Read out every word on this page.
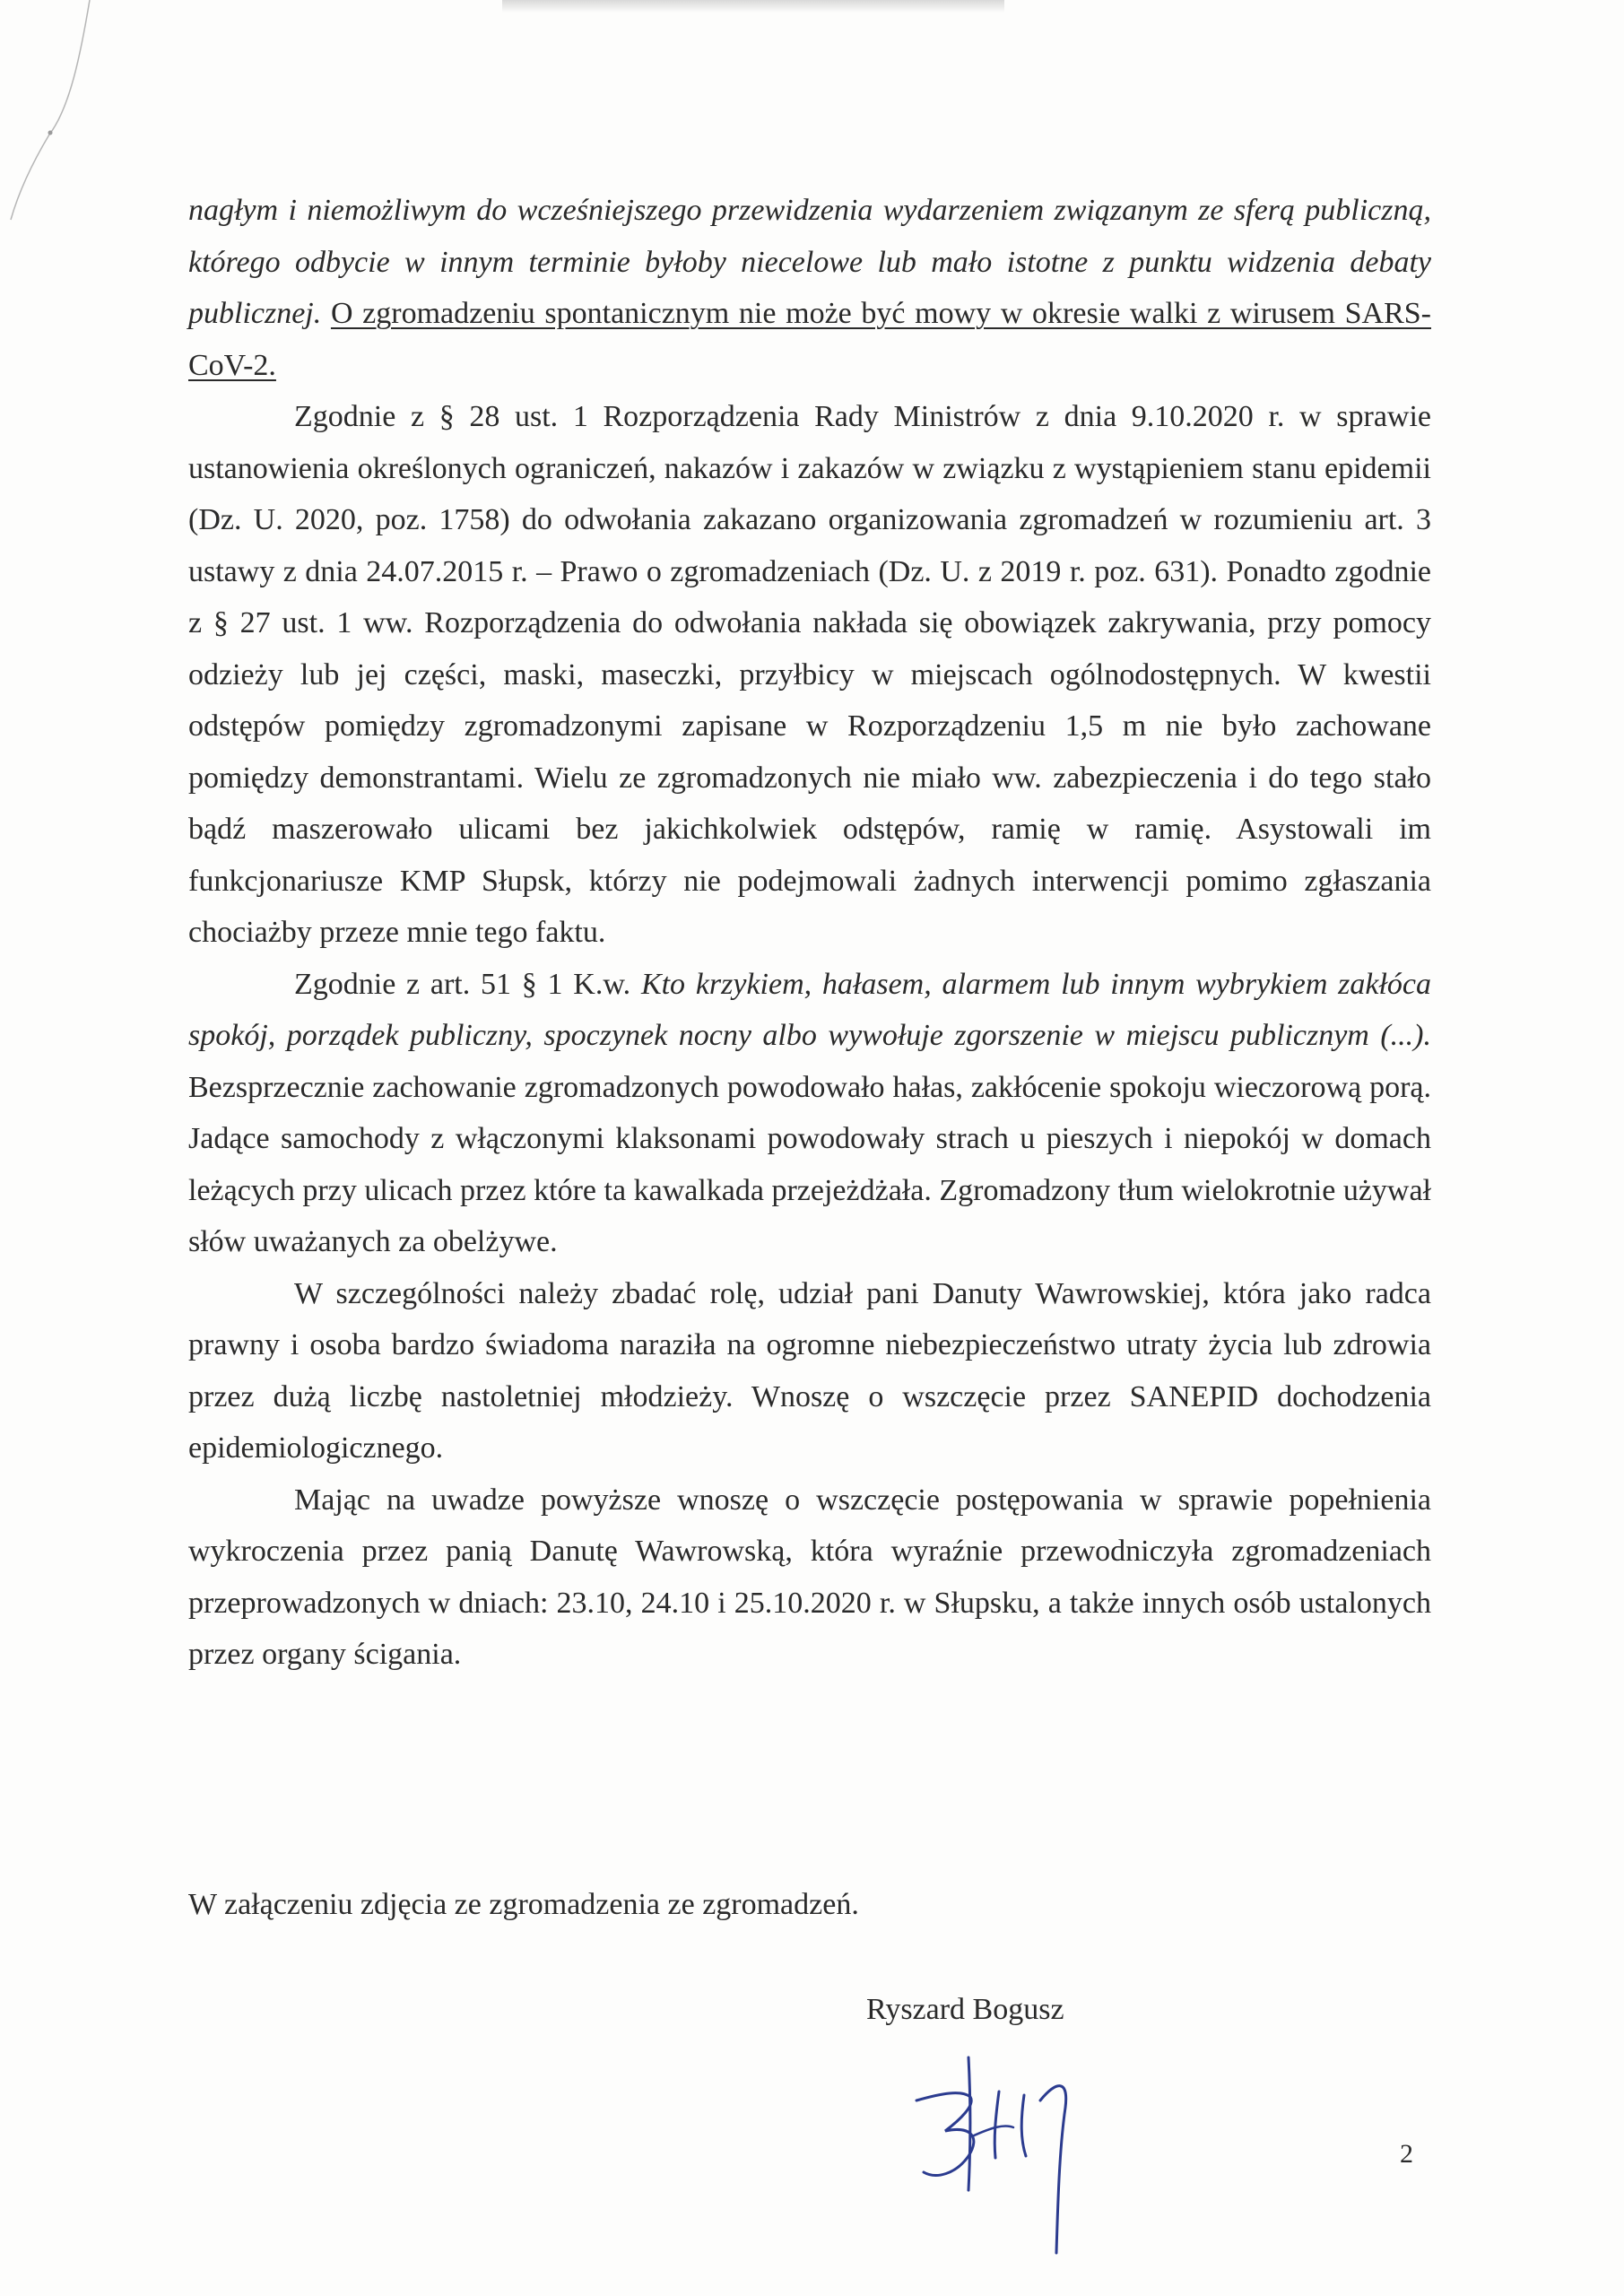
nagłym i niemożliwym do wcześniejszego przewidzenia wydarzeniem związanym ze sferą publiczną, którego odbycie w innym terminie byłoby niecelowe lub mało istotne z punktu widzenia debaty publicznej. O zgromadzeniu spontanicznym nie może być mowy w okresie walki z wirusem SARS-CoV-2.

Zgodnie z § 28 ust. 1 Rozporządzenia Rady Ministrów z dnia 9.10.2020 r. w sprawie ustanowienia określonych ograniczeń, nakazów i zakazów w związku z wystąpieniem stanu epidemii (Dz. U. 2020, poz. 1758) do odwołania zakazano organizowania zgromadzeń w rozumieniu art. 3 ustawy z dnia 24.07.2015 r. – Prawo o zgromadzeniach (Dz. U. z 2019 r. poz. 631). Ponadto zgodnie z § 27 ust. 1 ww. Rozporządzenia do odwołania nakłada się obowiązek zakrywania, przy pomocy odzieży lub jej części, maski, maseczki, przyłbicy w miejscach ogólnodostępnych. W kwestii odstępów pomiędzy zgromadzonymi zapisane w Rozporządzeniu 1,5 m nie było zachowane pomiędzy demonstrantami. Wielu ze zgromadzonych nie miało ww. zabezpieczenia i do tego stało bądź maszerowało ulicami bez jakichkolwiek odstępów, ramię w ramię. Asystowali im funkcjonariusze KMP Słupsk, którzy nie podejmowali żadnych interwencji pomimo zgłaszania chociażby przeze mnie tego faktu.

Zgodnie z art. 51 § 1 K.w. Kto krzykiem, hałasem, alarmem lub innym wybrykiem zakłóca spokój, porządek publiczny, spoczynek nocny albo wywołuje zgorszenie w miejscu publicznym (...). Bezsprzecznie zachowanie zgromadzonych powodowało hałas, zakłócenie spokoju wieczorową porą. Jadące samochody z włączonymi klaksonami powodowały strach u pieszych i niepokój w domach leżących przy ulicach przez które ta kawalkada przejeżdżała. Zgromadzony tłum wielokrotnie używał słów uważanych za obelżywe.

W szczególności należy zbadać rolę, udział pani Danuty Wawrowskiej, która jako radca prawny i osoba bardzo świadoma naraziła na ogromne niebezpieczeństwo utraty życia lub zdrowia przez dużą liczbę nastoletniej młodzieży. Wnoszę o wszczęcie przez SANEPID dochodzenia epidemiologicznego.

Mając na uwadze powyższe wnoszę o wszczęcie postępowania w sprawie popełnienia wykroczenia przez panią Danutę Wawrowską, która wyraźnie przewodniczyła zgromadzeniach przeprowadzonych w dniach: 23.10, 24.10 i 25.10.2020 r. w Słupsku, a także innych osób ustalonych przez organy ścigania.

W załączeniu zdjęcia ze zgromadzenia ze zgromadzeń.
Ryszard Bogusz
2
